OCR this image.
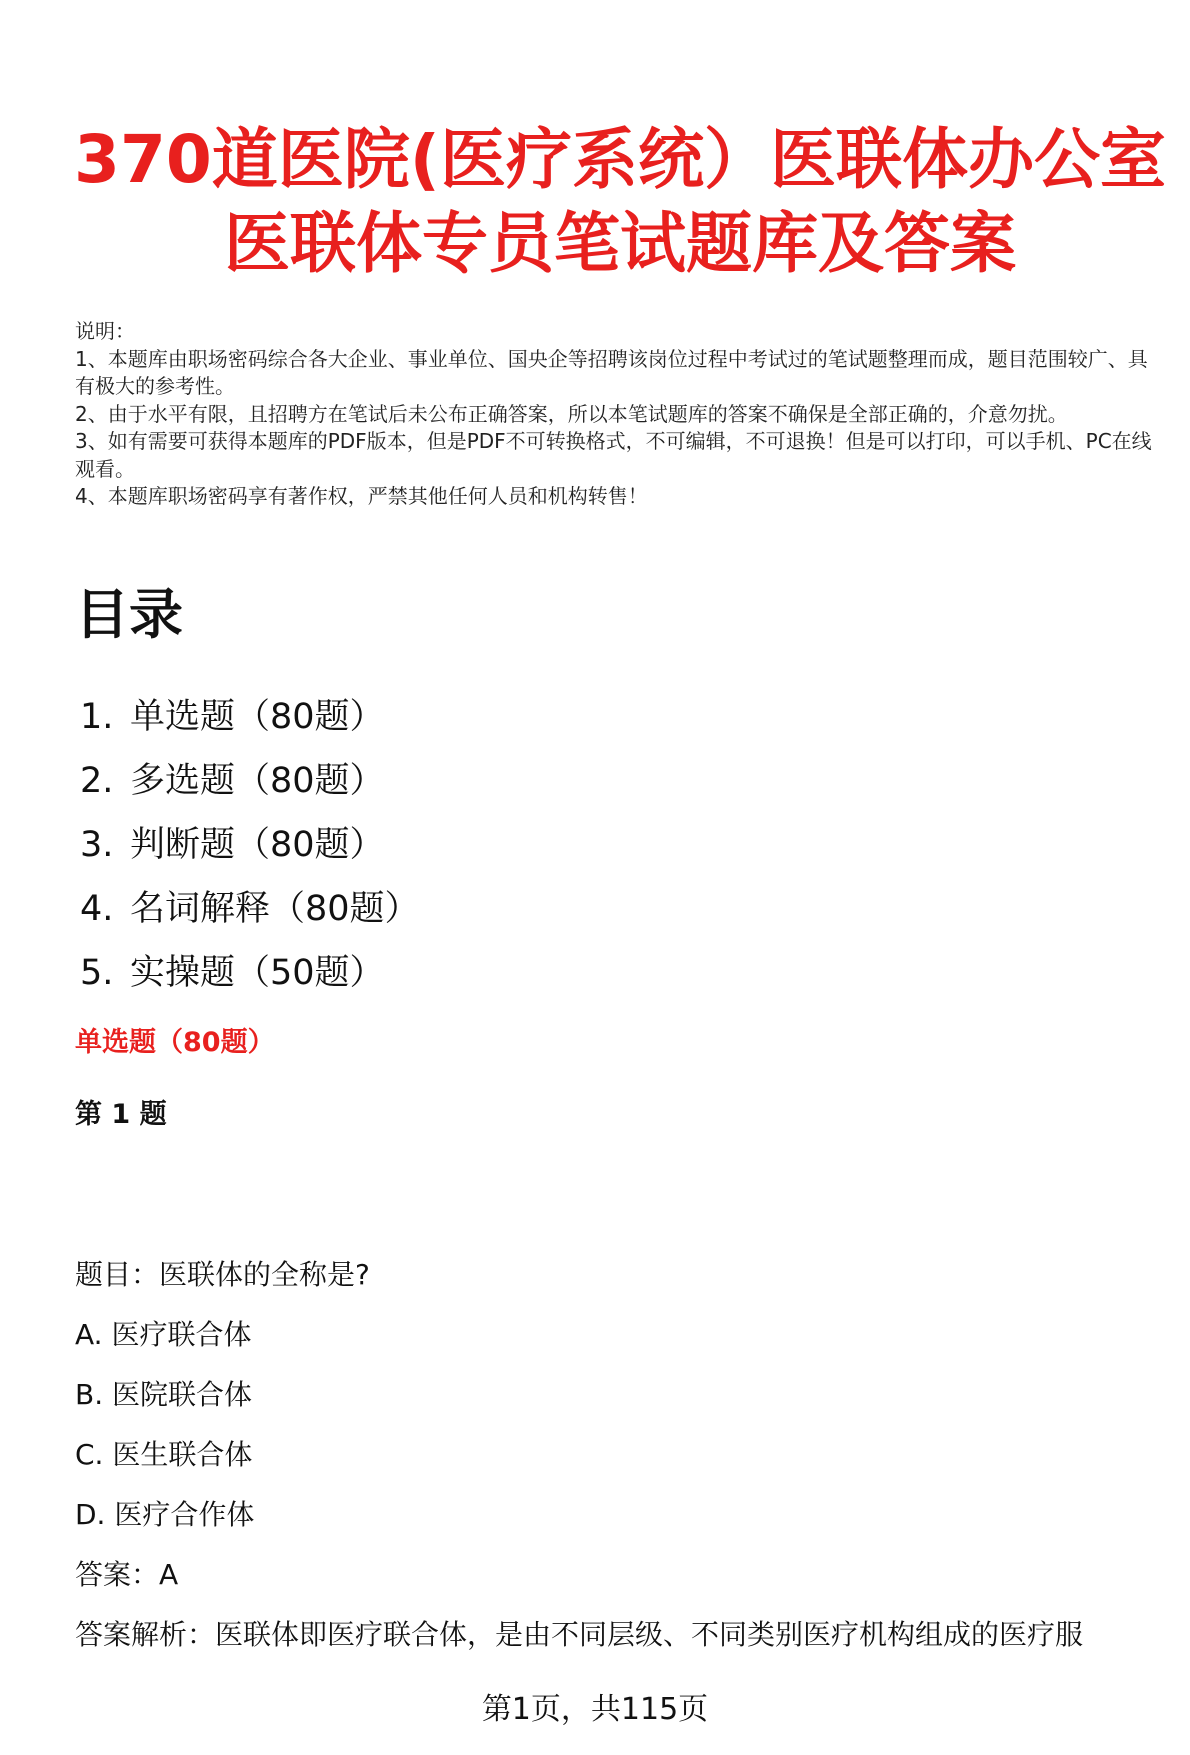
370道医院(医疗系统）医联体办公室医联体专员笔试题库及答案
说明：
1、本题库由职场密码综合各大企业、事业单位、国央企等招聘该岗位过程中考试过的笔试题整理而成，题目范围较广、具有极大的参考性。
2、由于水平有限，且招聘方在笔试后未公布正确答案，所以本笔试题库的答案不确保是全部正确的，介意勿扰。
3、如有需要可获得本题库的PDF版本，但是PDF不可转换格式，不可编辑，不可退换！但是可以打印，可以手机、PC在线观看。
4、本题库职场密码享有著作权，严禁其他任何人员和机构转售！
目录
1. 单选题（80题）
2. 多选题（80题）
3. 判断题（80题）
4. 名词解释（80题）
5. 实操题（50题）
单选题（80题）
第 1 题
题目：医联体的全称是?
A. 医疗联合体
B. 医院联合体
C. 医生联合体
D. 医疗合作体
答案：A
答案解析：医联体即医疗联合体，是由不同层级、不同类别医疗机构组成的医疗服
第1页，共115页
